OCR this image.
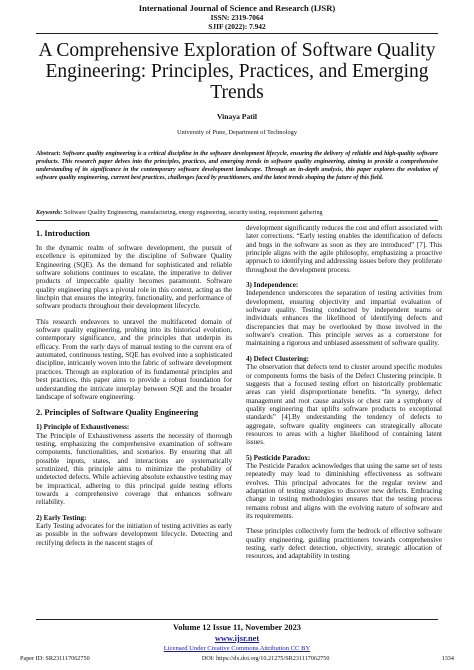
International Journal of Science and Research (IJSR)
ISSN: 2319-7064
SJIF (2022): 7.942
A Comprehensive Exploration of Software Quality Engineering: Principles, Practices, and Emerging Trends
Vinaya Patil
University of Pune, Department of Technology
Abstract: Software quality engineering is a critical discipline in the software development lifecycle, ensuring the delivery of reliable and high-quality software products. This research paper delves into the principles, practices, and emerging trends in software quality engineering, aiming to provide a comprehensive understanding of its significance in the contemporary software development landscape. Through an in-depth analysis, this paper explores the evolution of software quality engineering, current best practices, challenges faced by practitioners, and the latest trends shaping the future of this field.
Keywords: Software Quality Engineering, manufacturing, energy engineering, security testing, requirement gathering
1. Introduction

In the dynamic realm of software development, the pursuit of excellence is epitomized by the discipline of Software Quality Engineering (SQE). As the demand for sophisticated and reliable software solutions continues to escalate, the imperative to deliver products of impeccable quality becomes paramount. Software quality engineering plays a pivotal role in this context, acting as the linchpin that ensures the integrity, functionality, and performance of software products throughout their development lifecycle.

This research endeavors to unravel the multifaceted domain of software quality engineering, probing into its historical evolution, contemporary significance, and the principles that underpin its efficacy. From the early days of manual testing to the current era of automated, continuous testing, SQE has evolved into a sophisticated discipline, intricately woven into the fabric of software development practices. Through an exploration of its fundamental principles and best practices, this paper aims to provide a robust foundation for understanding the intricate interplay between SQE and the broader landscape of software engineering.

2. Principles of Software Quality Engineering
1) Principle of Exhaustiveness:

The Principle of Exhaustiveness asserts the necessity of thorough testing, emphasizing the comprehensive examination of software components, functionalities, and scenarios. By ensuring that all possible inputs, states, and interactions are systematically scrutinized, this principle aims to minimize the probability of undetected defects. While achieving absolute exhaustive testing may be impractical, adhering to this principal guide testing efforts towards a comprehensive coverage that enhances software reliability.

2) Early Testing:

Early Testing advocates for the initiation of testing activities as early as possible in the software development lifecycle. Detecting and rectifying defects in the nascent stages of

development significantly reduces the cost and effort associated with later corrections. “Early testing enables the identification of defects and bugs in the software as soon as they are introduced” [7]. This principle aligns with the agile philosophy, emphasizing a proactive approach to identifying and addressing issues before they proliferate throughout the development process.

3) Independence:

Independence underscores the separation of testing activities from development, ensuring objectivity and impartial evaluation of software quality. Testing conducted by independent teams or individuals enhances the likelihood of identifying defects and discrepancies that may be overlooked by those involved in the software's creation. This principle serves as a cornerstone for maintaining a rigorous and unbiased assessment of software quality.

4) Defect Clustering:

The observation that defects tend to cluster around specific modules or components forms the basis of the Defect Clustering principle. It suggests that a focused testing effort on historically problematic areas can yield disproportionate benefits. “In synergy, defect management and root cause analysis or chest rate a symphony of quality engineering that uplifts software products to exceptional standards” [4].By understanding the tendency of defects to aggregate, software quality engineers can strategically allocate resources to areas with a higher likelihood of containing latent issues.

5) Pesticide Paradox:

The Pesticide Paradox acknowledges that using the same set of tests repeatedly may lead to diminishing effectiveness as software evolves. This principal advocates for the regular review and adaptation of testing strategies to discover new defects. Embracing change in testing methodologies ensures that the testing process remains robust and aligns with the evolving nature of software and its requirements.

These principles collectively form the bedrock of effective software quality engineering, guiding practitioners towards comprehensive testing, early defect detection, objectivity, strategic allocation of resources, and adaptability in testing

Volume 12 Issue 11, November 2023
www.ijsr.net
Licensed Under Creative Commons Attribution CC BY
Paper ID: SR231117062750	DOI: https://dx.doi.org/10.21275/SR231117062750	1334
